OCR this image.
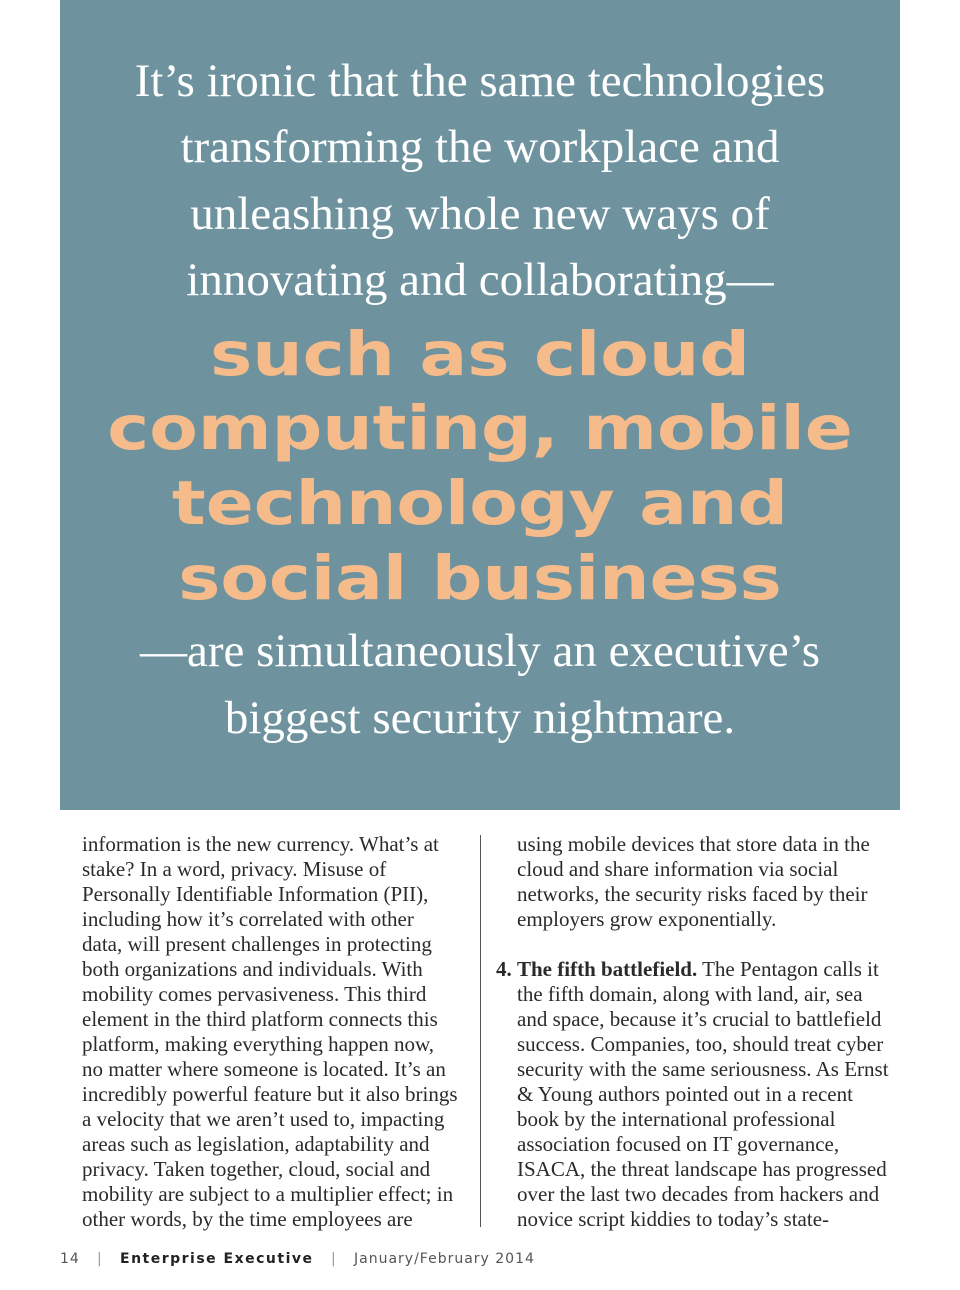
It’s ironic that the same technologies
transforming the workplace and
unleashing whole new ways of
innovating and collaborating—
such as cloud
computing, mobile
technology and
social business
—are simultaneously an executive’s
biggest security nightmare.
information is the new currency. What’s at
stake? In a word, privacy. Misuse of
Personally Identifiable Information (PII),
including how it’s correlated with other
data, will present challenges in protecting
both organizations and individuals. With
mobility comes pervasiveness. This third
element in the third platform connects this
platform, making everything happen now,
no matter where someone is located. It’s an
incredibly powerful feature but it also brings
a velocity that we aren’t used to, impacting
areas such as legislation, adaptability and
privacy. Taken together, cloud, social and
mobility are subject to a multiplier effect; in
other words, by the time employees are
using mobile devices that store data in the
cloud and share information via social
networks, the security risks faced by their
employers grow exponentially.
4. The fifth battlefield. The Pentagon calls it
the fifth domain, along with land, air, sea
and space, because it’s crucial to battlefield
success. Companies, too, should treat cyber
security with the same seriousness. As Ernst
& Young authors pointed out in a recent
book by the international professional
association focused on IT governance,
ISACA, the threat landscape has progressed
over the last two decades from hackers and
novice script kiddies to today’s state-
14 | Enterprise Executive | January/February 2014
